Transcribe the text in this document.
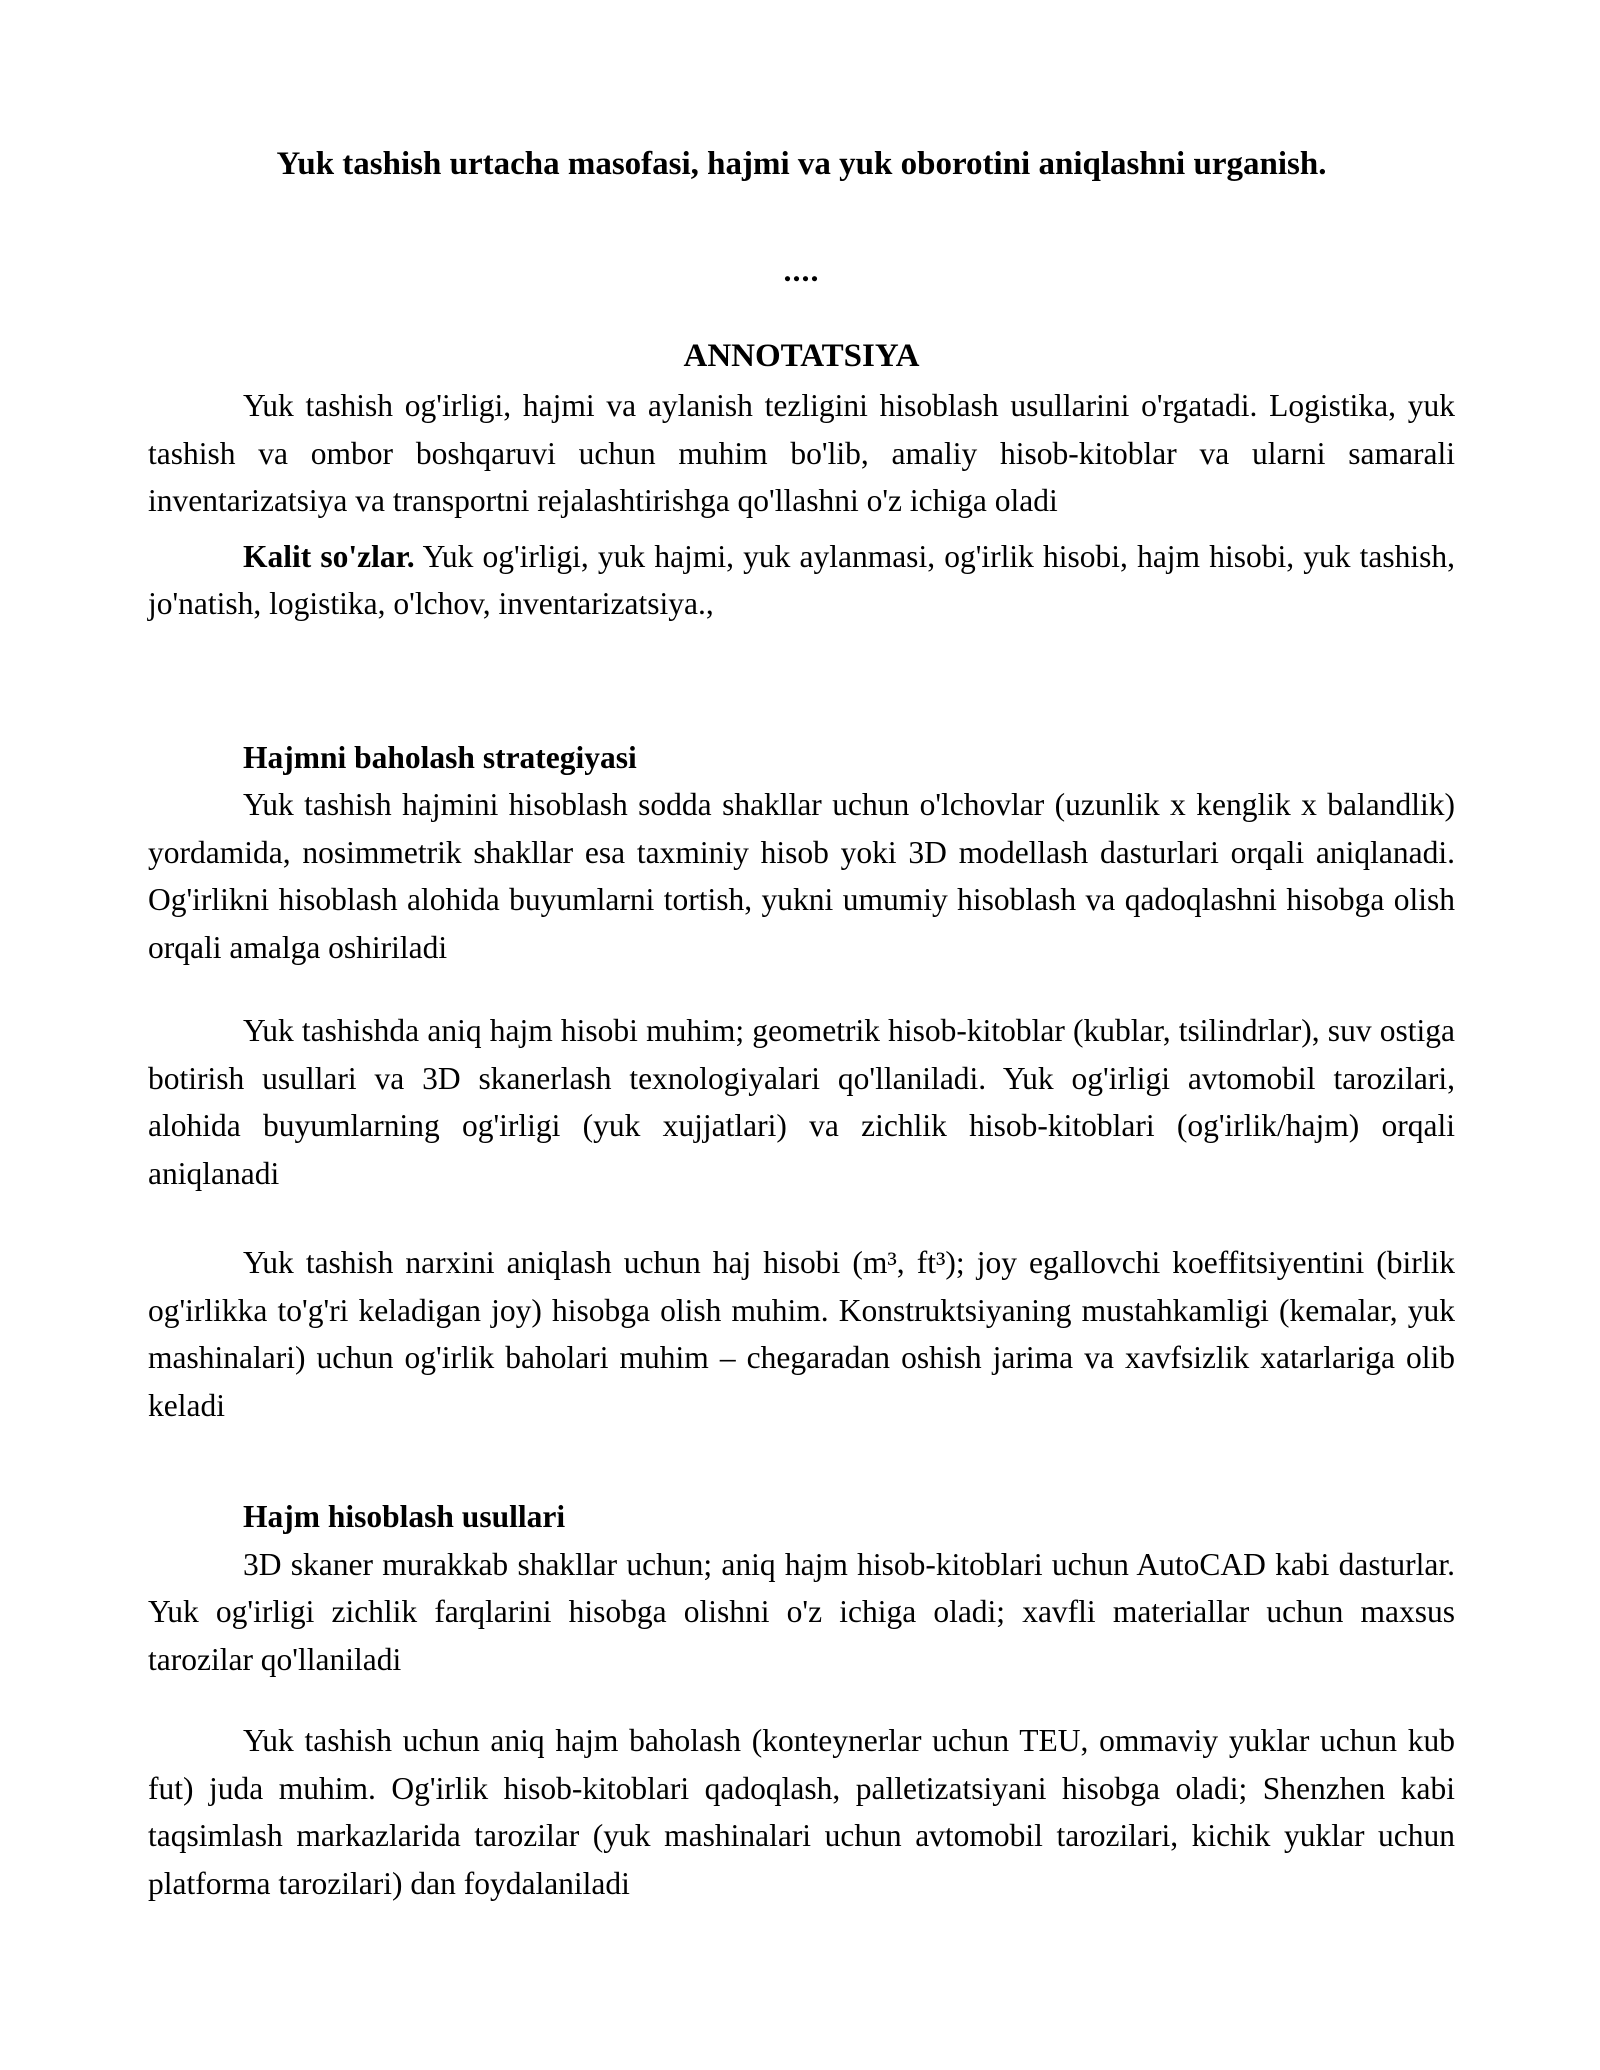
Yuk tashish urtacha masofasi, hajmi va yuk oborotini aniqlashni urganish.

....

ANNOTATSIYA

Yuk tashish og'irligi, hajmi va aylanish tezligini hisoblash usullarini o'rgatadi. Logistika, yuk tashish va ombor boshqaruvi uchun muhim bo'lib, amaliy hisob-kitoblar va ularni samarali inventarizatsiya va transportni rejalashtirishga qo'llashni o'z ichiga oladi

Kalit so'zlar. Yuk og'irligi, yuk hajmi, yuk aylanmasi, og'irlik hisobi, hajm hisobi, yuk tashish, jo'natish, logistika, o'lchov, inventarizatsiya.,

Hajmni baholash strategiyasi

Yuk tashish hajmini hisoblash sodda shakllar uchun o'lchovlar (uzunlik x kenglik x balandlik) yordamida, nosimmetrik shakllar esa taxminiy hisob yoki 3D modellash dasturlari orqali aniqlanadi. Og'irlikni hisoblash alohida buyumlarni tortish, yukni umumiy hisoblash va qadoqlashni hisobga olish orqali amalga oshiriladi

Yuk tashishda aniq hajm hisobi muhim; geometrik hisob-kitoblar (kublar, tsilindrlar), suv ostiga botirish usullari va 3D skanerlash texnologiyalari qo'llaniladi. Yuk og'irligi avtomobil tarozilari, alohida buyumlarning og'irligi (yuk xujjatlari) va zichlik hisob-kitoblari (og'irlik/hajm) orqali aniqlanadi

Yuk tashish narxini aniqlash uchun haj hisobi (m³, ft³); joy egallovchi koeffitsiyentini (birlik og'irlikka to'g'ri keladigan joy) hisobga olish muhim. Konstruktsiyaning mustahkamligi (kemalar, yuk mashinalari) uchun og'irlik baholari muhim – chegaradan oshish jarima va xavfsizlik xatarlariga olib keladi

Hajm hisoblash usullari

3D skaner murakkab shakllar uchun; aniq hajm hisob-kitoblari uchun AutoCAD kabi dasturlar. Yuk og'irligi zichlik farqlarini hisobga olishni o'z ichiga oladi; xavfli materiallar uchun maxsus tarozilar qo'llaniladi

Yuk tashish uchun aniq hajm baholash (konteynerlar uchun TEU, ommaviy yuklar uchun kub fut) juda muhim. Og'irlik hisob-kitoblari qadoqlash, palletizatsiyani hisobga oladi; Shenzhen kabi taqsimlash markazlarida tarozilar (yuk mashinalari uchun avtomobil tarozilari, kichik yuklar uchun platforma tarozilari) dan foydalaniladi
